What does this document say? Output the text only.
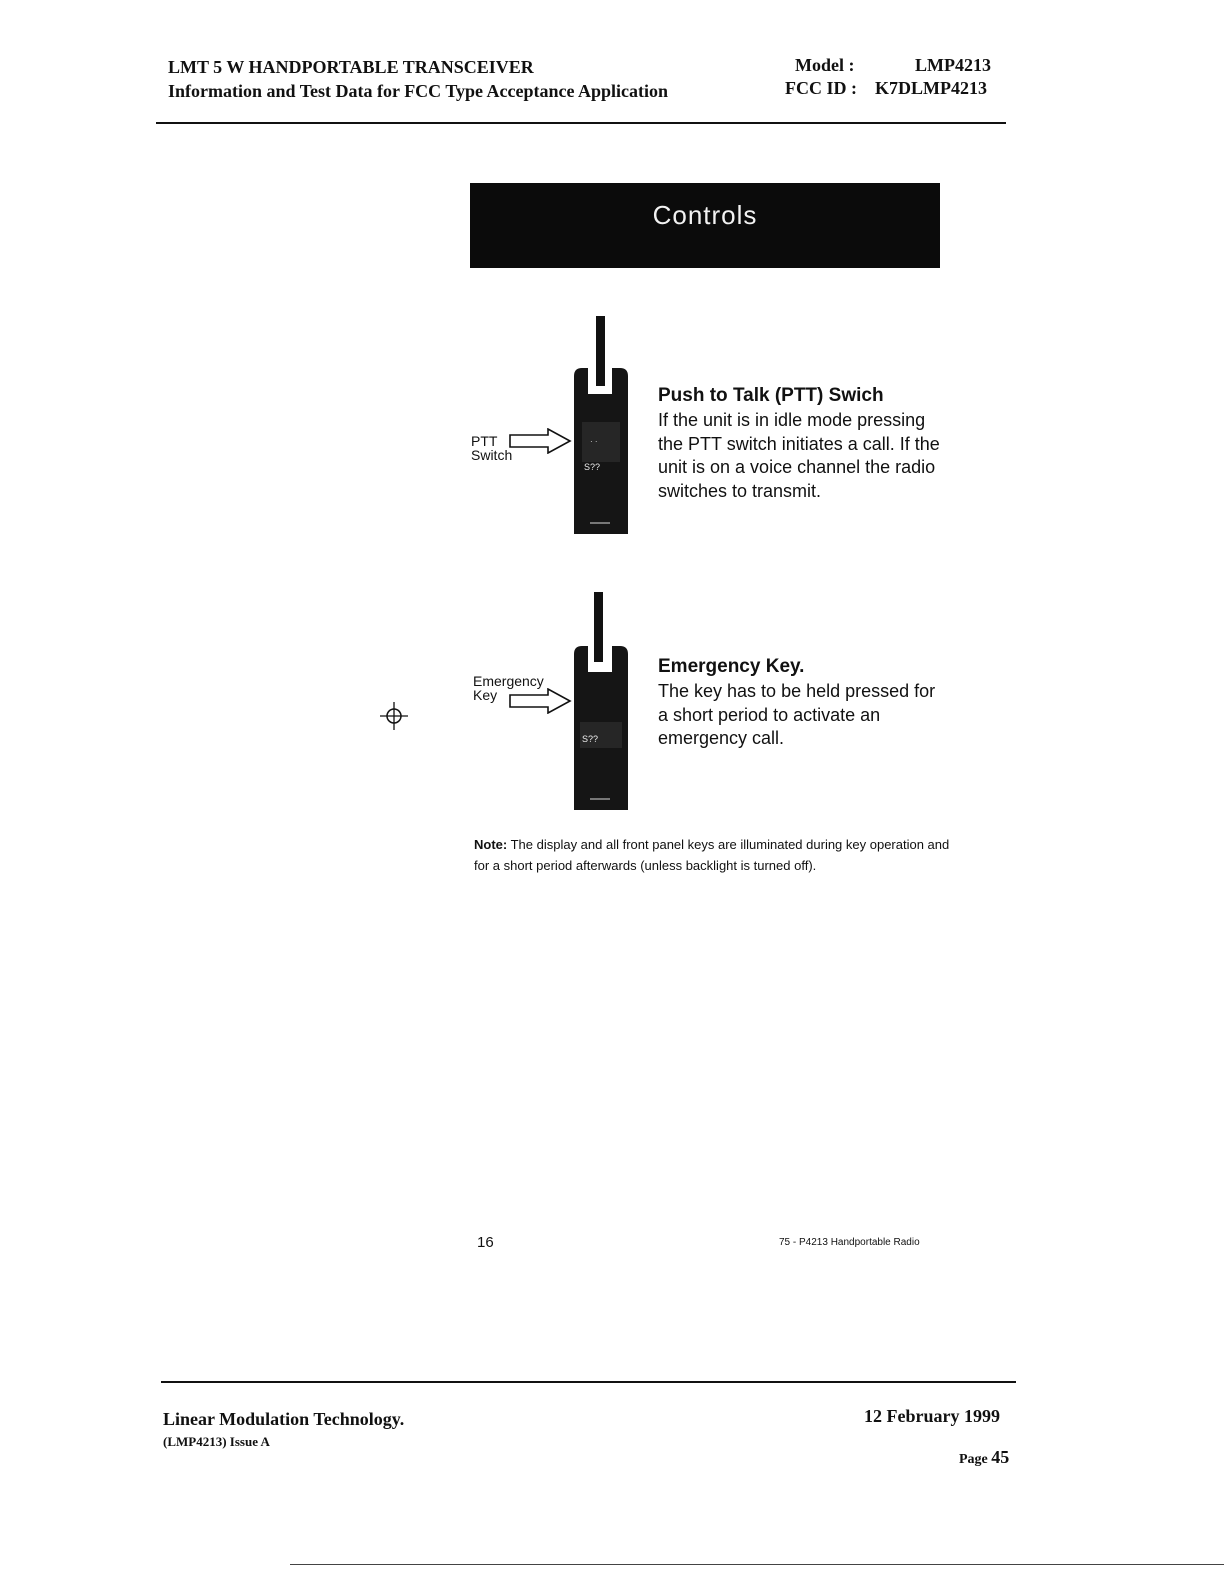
LMT 5 W HANDPORTABLE TRANSCEIVER
Information and Test Data for FCC Type Acceptance Application
Model :	LMP4213
FCC ID : K7DLMP4213
Controls
· ·
S??
PTT
Switch
Push to Talk (PTT) Swich
If the unit is in idle mode pressing the PTT switch initiates a call. If the unit is on a voice channel the radio switches to transmit.
S??
Emergency
Key
Emergency Key.
The key has to be held pressed for a short period to activate an emergency call.
Note: The display and all front panel keys are illuminated during key operation and for a short period afterwards (unless backlight is turned off).
16	75 - P4213 Handportable Radio
Linear Modulation Technology.
(LMP4213) Issue A
12 February 1999
Page 45
